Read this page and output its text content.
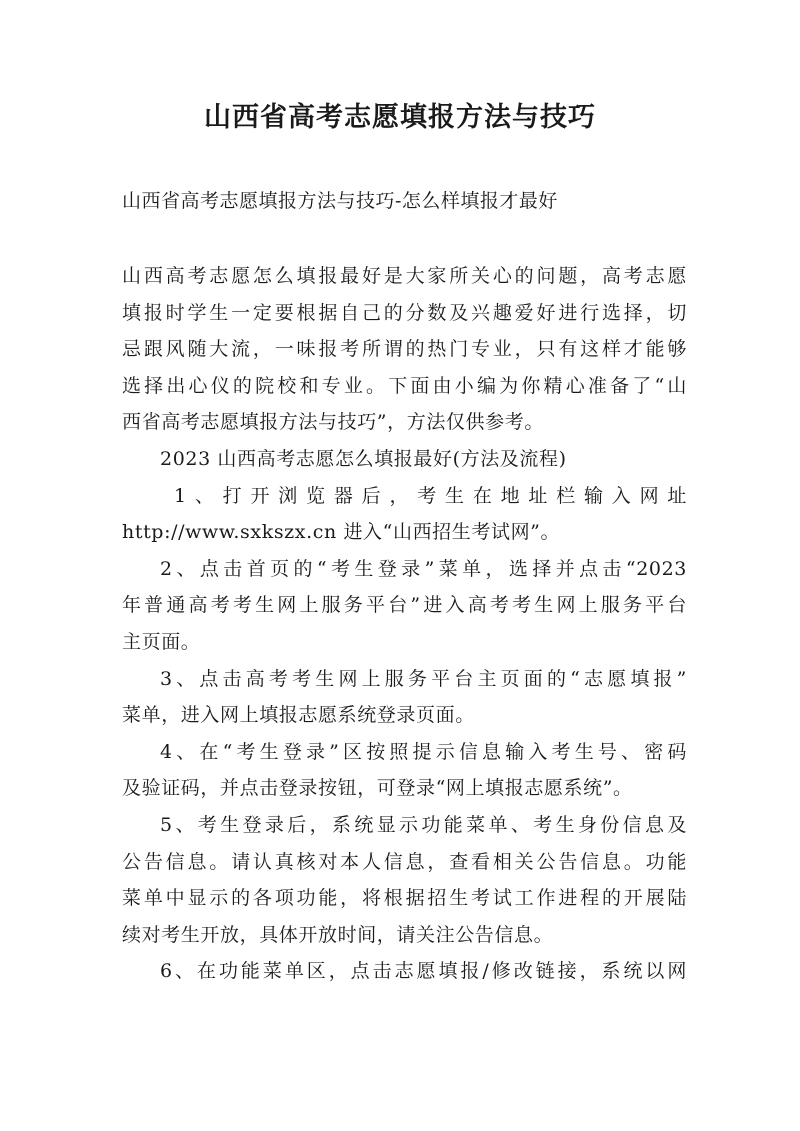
山西省高考志愿填报方法与技巧
山西省高考志愿填报方法与技巧-怎么样填报才最好
山西高考志愿怎么填报最好是大家所关心的问题，高考志愿
填报时学生一定要根据自己的分数及兴趣爱好进行选择，切
忌跟风随大流，一味报考所谓的热门专业，只有这样才能够
选择出心仪的院校和专业。下面由小编为你精心准备了“山
西省高考志愿填报方法与技巧”，方法仅供参考。
2023 山西高考志愿怎么填报最好(方法及流程)
1、打开浏览器后，考生在地址栏输入网址
http://www.sxkszx.cn 进入“山西招生考试网”。
2、点击首页的“考生登录”菜单，选择并点击“2023
年普通高考考生网上服务平台”进入高考考生网上服务平台
主页面。
3、点击高考考生网上服务平台主页面的“志愿填报”
菜单，进入网上填报志愿系统登录页面。
4、在“考生登录”区按照提示信息输入考生号、密码
及验证码，并点击登录按钮，可登录“网上填报志愿系统”。
5、考生登录后，系统显示功能菜单、考生身份信息及
公告信息。请认真核对本人信息，查看相关公告信息。功能
菜单中显示的各项功能，将根据招生考试工作进程的开展陆
续对考生开放，具体开放时间，请关注公告信息。
6、在功能菜单区，点击志愿填报/修改链接，系统以网
